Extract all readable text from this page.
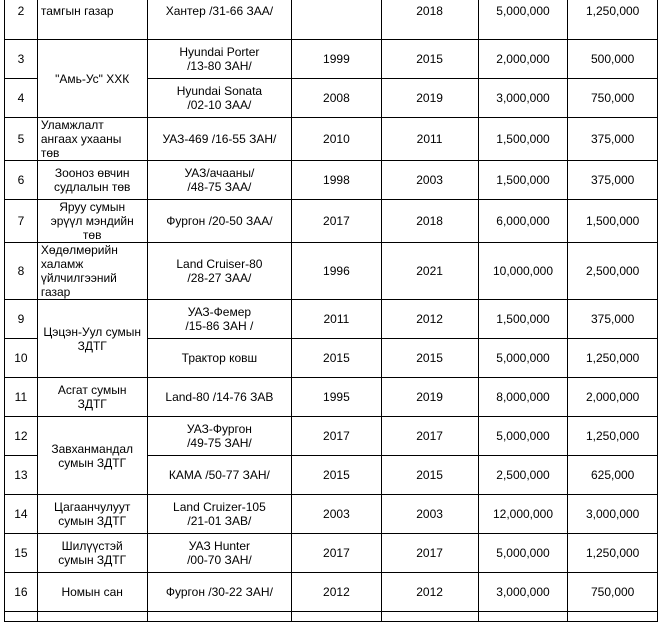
2	тамгын газар	Хантер /31-66 ЗАА/		2018	5,000,000	1,250,000
3	"Амь-Ус" ХХК	Hyundai Porter
/13-80 ЗАН/	1999	2015	2,000,000	500,000
4		Hyundai Sonata
/02-10 ЗАА/	2008	2019	3,000,000	750,000
5	Уламжлалт
ангаах ухааны
төв	УАЗ-469 /16-55 ЗАН/	2010	2011	1,500,000	375,000
6	Зооноз өвчин
судлалын төв	УАЗ/ачааны/
/48-75 ЗАА/	1998	2003	1,500,000	375,000
7	Яруу сумын
эрүүл мэндийн
төв	Фургон /20-50 ЗАА/	2017	2018	6,000,000	1,500,000
8	Хөдөлмөрийн
халамж
үйлчилгээний
газар	Land Cruiser-80
/28-27 ЗАА/	1996	2021	10,000,000	2,500,000
9	Цэцэн-Уул сумын
ЗДТГ	УАЗ-Фемер
/15-86 ЗАН /	2011	2012	1,500,000	375,000
10		Трактор ковш	2015	2015	5,000,000	1,250,000
11	Асгат сумын
ЗДТГ	Land-80 /14-76 ЗАВ	1995	2019	8,000,000	2,000,000
12	Завханмандал
сумын ЗДТГ	УАЗ-Фургон
/49-75 ЗАН/	2017	2017	5,000,000	1,250,000
13		КАМА /50-77 ЗАН/	2015	2015	2,500,000	625,000
14	Цагаанчулуут
сумын ЗДТГ	Land Cruizer-105
/21-01 ЗАВ/	2003	2003	12,000,000	3,000,000
15	Шилүүстэй
сумын ЗДТГ	УАЗ Hunter
/00-70 ЗАН/	2017	2017	5,000,000	1,250,000
16	Номын сан	Фургон /30-22 ЗАН/	2012	2012	3,000,000	750,000
